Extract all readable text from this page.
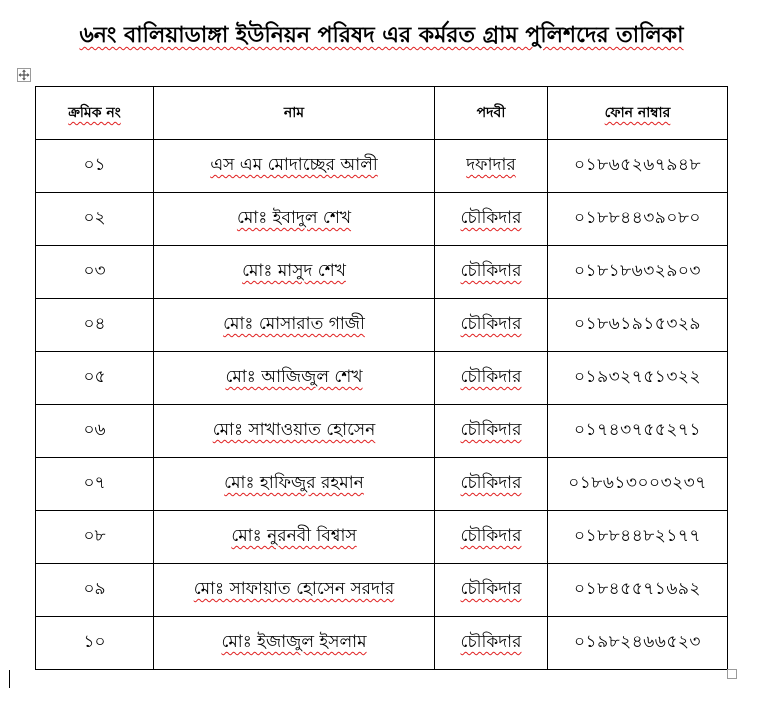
৬নং বালিয়াডাঙ্গা ইউনিয়ন পরিষদ এর কর্মরত গ্রাম পুলিশদের তালিকা
ক্রমিক নং	নাম	পদবী	ফোন নাম্বার
০১	এস এম মোদাচ্ছের আলী	দফাদার	০১৮৬৫২৬৭৯৪৮
০২	মোঃ ইবাদুল শেখ	চৌকিদার	০১৮৮৪৪৩৯০৮০
০৩	মোঃ মাসুদ শেখ	চৌকিদার	০১৮১৮৬৩২৯০৩
০৪	মোঃ মোসারাত গাজী	চৌকিদার	০১৮৬১৯১৫৩২৯
০৫	মোঃ আজিজুল শেখ	চৌকিদার	০১৯৩২৭৫১৩২২
০৬	মোঃ সাখাওয়াত হোসেন	চৌকিদার	০১৭৪৩৭৫৫২৭১
০৭	মোঃ হাফিজুর রহমান	চৌকিদার	০১৮৬১৩০০৩২৩৭
০৮	মোঃ নুরনবী বিশ্বাস	চৌকিদার	০১৮৮৪৪৮২১৭৭
০৯	মোঃ সাফায়াত হোসেন সরদার	চৌকিদার	০১৮৪৫৫৭১৬৯২
১০	মোঃ ইজাজুল ইসলাম	চৌকিদার	০১৯৮২৪৬৬৫২৩
